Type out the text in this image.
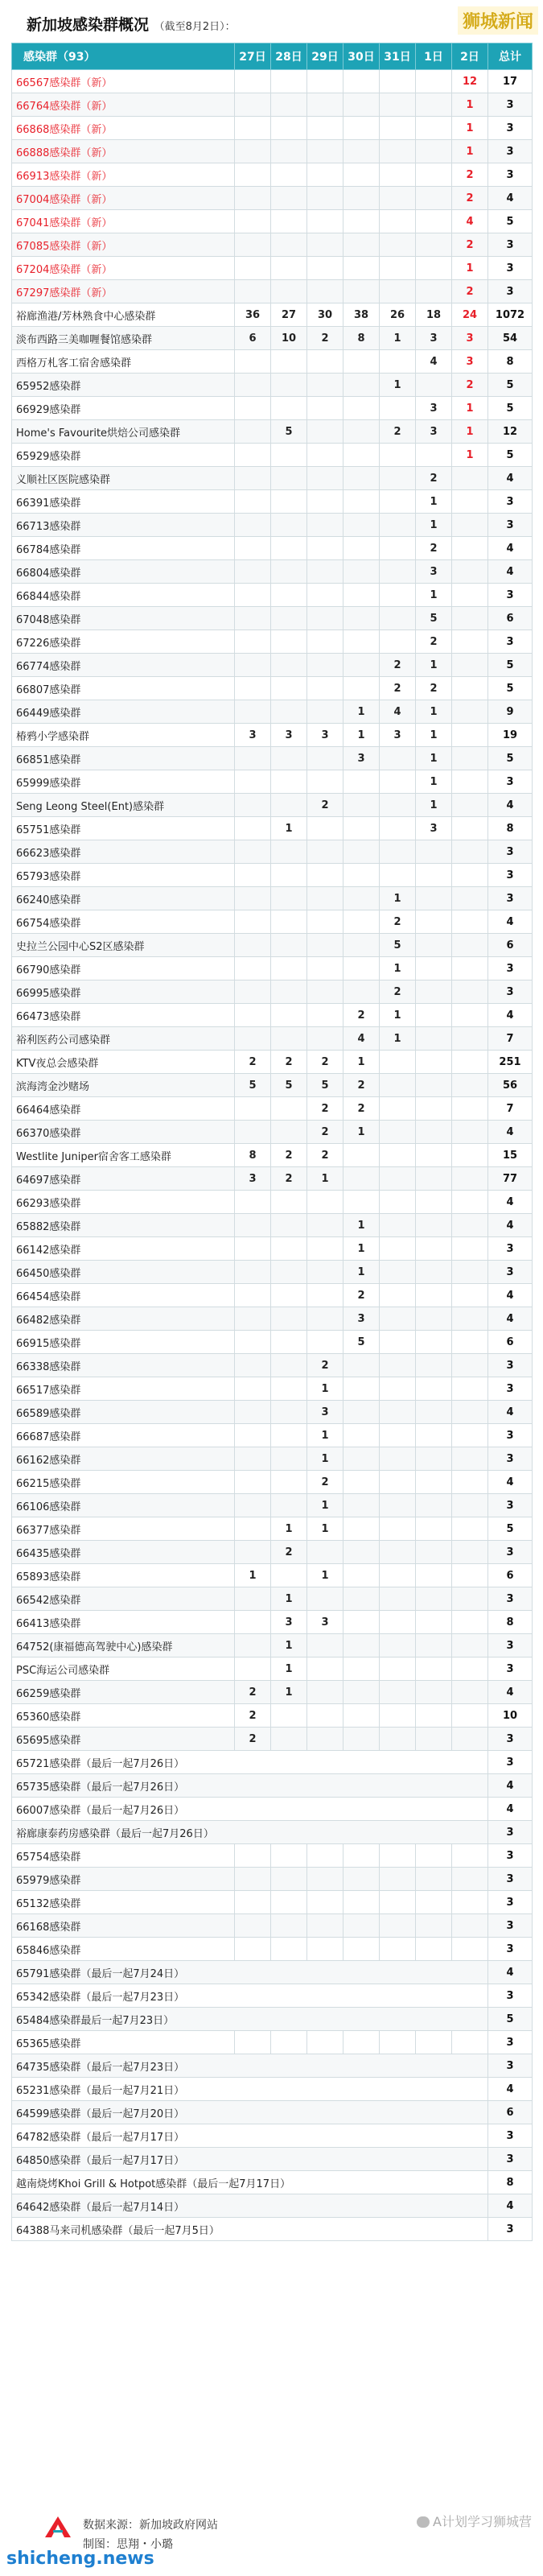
新加坡感染群概况 （截至8月2日）：	狮城新闻
感染群（93）	27日	28日	29日	30日	31日	1日	2日	总计
66567感染群（新）							12	17
66764感染群（新）							1	3
66868感染群（新）							1	3
66888感染群（新）							1	3
66913感染群（新）							2	3
67004感染群（新）							2	4
67041感染群（新）							4	5
67085感染群（新）							2	3
67204感染群（新）							1	3
67297感染群（新）							2	3
裕廊渔港/芳林熟食中心感染群	36	27	30	38	26	18	24	1072
淡布西路三美咖喱餐馆感染群	6	10	2	8	1	3	3	54
西格万札客工宿舍感染群						4	3	8
65952感染群					1		2	5
66929感染群						3	1	5
Home's Favourite烘焙公司感染群		5			2	3	1	12
65929感染群							1	5
义顺社区医院感染群						2		4
66391感染群						1		3
66713感染群						1		3
66784感染群						2		4
66804感染群						3		4
66844感染群						1		3
67048感染群						5		6
67226感染群						2		3
66774感染群					2	1		5
66807感染群					2	2		5
66449感染群				1	4	1		9
椿鸦小学感染群	3	3	3	1	3	1		19
66851感染群				3		1		5
65999感染群						1		3
Seng Leong Steel(Ent)感染群			2			1		4
65751感染群		1				3		8
66623感染群								3
65793感染群								3
66240感染群					1			3
66754感染群					2			4
史拉兰公园中心S2区感染群					5			6
66790感染群					1			3
66995感染群					2			3
66473感染群				2	1			4
裕利医药公司感染群				4	1			7
KTV夜总会感染群	2	2	2	1				251
滨海湾金沙赌场	5	5	5	2				56
66464感染群			2	2				7
66370感染群			2	1				4
Westlite Juniper宿舍客工感染群	8	2	2					15
64697感染群	3	2	1					77
66293感染群								4
65882感染群				1				4
66142感染群				1				3
66450感染群				1				3
66454感染群				2				4
66482感染群				3				4
66915感染群				5				6
66338感染群			2					3
66517感染群			1					3
66589感染群			3					4
66687感染群			1					3
66162感染群			1					3
66215感染群			2					4
66106感染群			1					3
66377感染群		1	1					5
66435感染群		2						3
65893感染群	1		1					6
66542感染群		1						3
66413感染群		3	3					8
64752(康福德高驾驶中心)感染群		1						3
PSC海运公司感染群		1						3
66259感染群	2	1						4
65360感染群	2							10
65695感染群	2							3
65721感染群（最后一起7月26日）								3
65735感染群（最后一起7月26日）								4
66007感染群（最后一起7月26日）								4
裕廊康泰药房感染群（最后一起7月26日）								3
65754感染群								3
65979感染群								3
65132感染群								3
66168感染群								3
65846感染群								3
65791感染群（最后一起7月24日）								4
65342感染群（最后一起7月23日）								3
65484感染群最后一起7月23日）								5
65365感染群								3
64735感染群（最后一起7月23日）								3
65231感染群（最后一起7月21日）								4
64599感染群（最后一起7月20日）								6
64782感染群（最后一起7月17日）								3
64850感染群（最后一起7月17日）								3
越南烧烤Khoi Grill & Hotpot感染群（最后一起7月17日）								8
64642感染群（最后一起7月14日）								4
64388马来司机感染群（最后一起7月5日）								3
数据来源：新加坡政府网站
制图：思翔・小璐
A计划学习狮城营
shicheng.news
